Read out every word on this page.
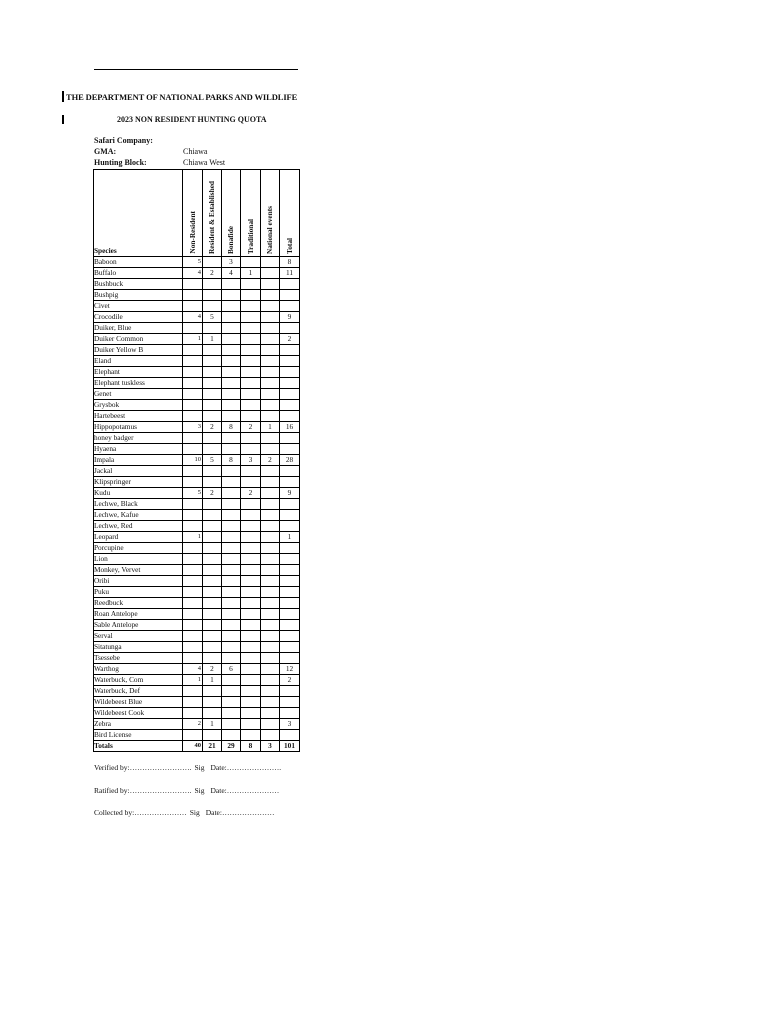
THE DEPARTMENT OF NATIONAL PARKS AND WILDLIFE
2023 NON RESIDENT HUNTING QUOTA
Safari Company:
GMA:	Chiawa
Hunting Block:	Chiawa West
Species	Non-Resident	Resident & Established	Bonafide	Traditional	National events	Total

Baboon	5		3			8
Buffalo	4	2	4	1		11
Bushbuck						
Bushpig						
Civet						
Crocodile	4	5				9
Duiker, Blue						
Duiker Common	1	1				2
Duiker Yellow B						
Eland						
Elephant						
Elephant tuskless						
Genet						
Grysbok						
Hartebeest						
Hippopotamus	3	2	8	2	1	16
honey badger						
Hyaena						
Impala	10	5	8	3	2	28
Jackal						
Klipspringer						
Kudu	5	2		2		9
Lechwe, Black						
Lechwe, Kafue						
Lechwe, Red						
Leopard	1					1
Porcupine						
Lion						
Monkey, Vervet						
Oribi						
Puku						
Reedbuck						
Roan Antelope						
Sable Antelope						
Serval						
Sitatunga						
Tsessebe						
Warthog	4	2	6			12
Waterbuck, Com	1	1				2
Waterbuck, Def						
Wildebeest Blue						
Wildebeest Cook						
Zebra	2	1				3
Bird License						
Totals	40	21	29	8	3	101
Verified by:……………………. Sig Date:………………….
Ratified by:……………………. Sig Date:…………………
Collected by:………………… Sig Date:…………………
